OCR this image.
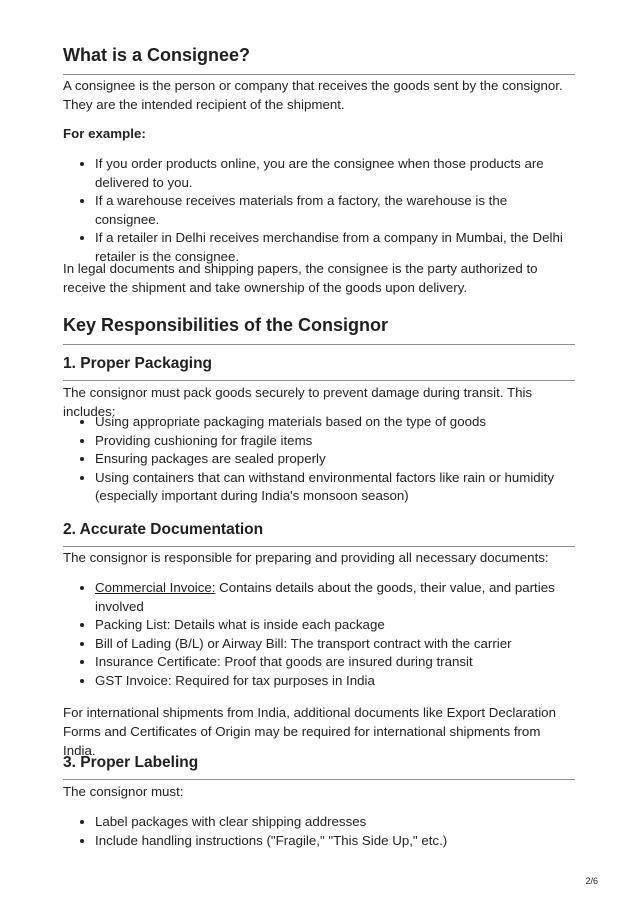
What is a Consignee?

A consignee is the person or company that receives the goods sent by the consignor. They are the intended recipient of the shipment.

For example:

• If you order products online, you are the consignee when those products are delivered to you.
• If a warehouse receives materials from a factory, the warehouse is the consignee.
• If a retailer in Delhi receives merchandise from a company in Mumbai, the Delhi retailer is the consignee.

In legal documents and shipping papers, the consignee is the party authorized to receive the shipment and take ownership of the goods upon delivery.

Key Responsibilities of the Consignor
1. Proper Packaging

The consignor must pack goods securely to prevent damage during transit. This includes:

• Using appropriate packaging materials based on the type of goods
• Providing cushioning for fragile items
• Ensuring packages are sealed properly
• Using containers that can withstand environmental factors like rain or humidity (especially important during India's monsoon season)
2. Accurate Documentation

The consignor is responsible for preparing and providing all necessary documents:

• Commercial Invoice: Contains details about the goods, their value, and parties involved
• Packing List: Details what is inside each package
• Bill of Lading (B/L) or Airway Bill: The transport contract with the carrier
• Insurance Certificate: Proof that goods are insured during transit
• GST Invoice: Required for tax purposes in India

For international shipments from India, additional documents like Export Declaration Forms and Certificates of Origin may be required for international shipments from India.

3. Proper Labeling

The consignor must:

• Label packages with clear shipping addresses
• Include handling instructions ("Fragile," "This Side Up," etc.)
2/6
